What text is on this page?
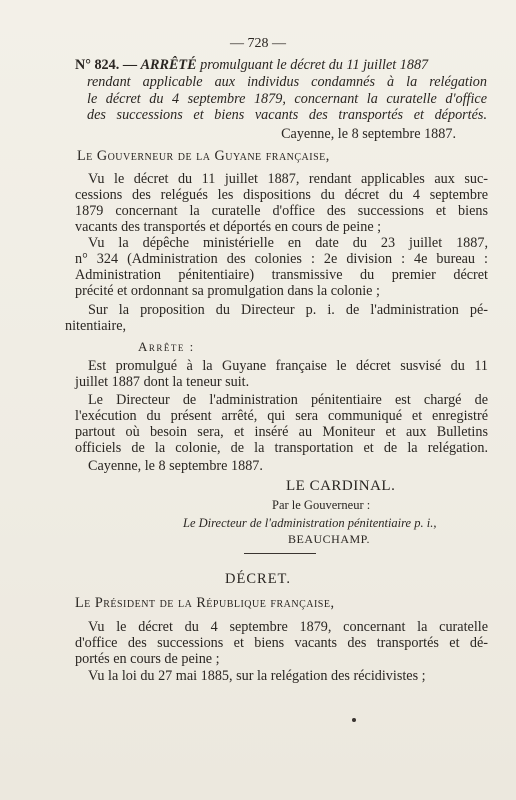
— 728 —
N° 824. — ARRÊTÉ promulguant le décret du 11 juillet 1887
rendant applicable aux individus condamnés à la relégation
le décret du 4 septembre 1879, concernant la curatelle d'office
des successions et biens vacants des transportés et déportés.
Cayenne, le 8 septembre 1887.
Le Gouverneur de la Guyane française,
Vu le décret du 11 juillet 1887, rendant applicables aux suc-
cessions des relégués les dispositions du décret du 4 septembre
1879 concernant la curatelle d'office des successions et biens
vacants des transportés et déportés en cours de peine ;
Vu la dépêche ministérielle en date du 23 juillet 1887,
n° 324 (Administration des colonies : 2e division : 4e bureau :
Administration pénitentiaire) transmissive du premier décret
précité et ordonnant sa promulgation dans la colonie ;
Sur la proposition du Directeur p. i. de l'administration pé-
nitentiaire,
Arrête :
Est promulgué à la Guyane française le décret susvisé du 11
juillet 1887 dont la teneur suit.
Le Directeur de l'administration pénitentiaire est chargé de
l'exécution du présent arrêté, qui sera communiqué et enregistré
partout où besoin sera, et inséré au Moniteur et aux Bulletins
officiels de la colonie, de la transportation et de la relégation.
Cayenne, le 8 septembre 1887.
LE CARDINAL.
Par le Gouverneur :
Le Directeur de l'administration pénitentiaire p. i.,
BEAUCHAMP.
DÉCRET.
Le Président de la République française,
Vu le décret du 4 septembre 1879, concernant la curatelle
d'office des successions et biens vacants des transportés et dé-
portés en cours de peine ;
Vu la loi du 27 mai 1885, sur la relégation des récidivistes ;
